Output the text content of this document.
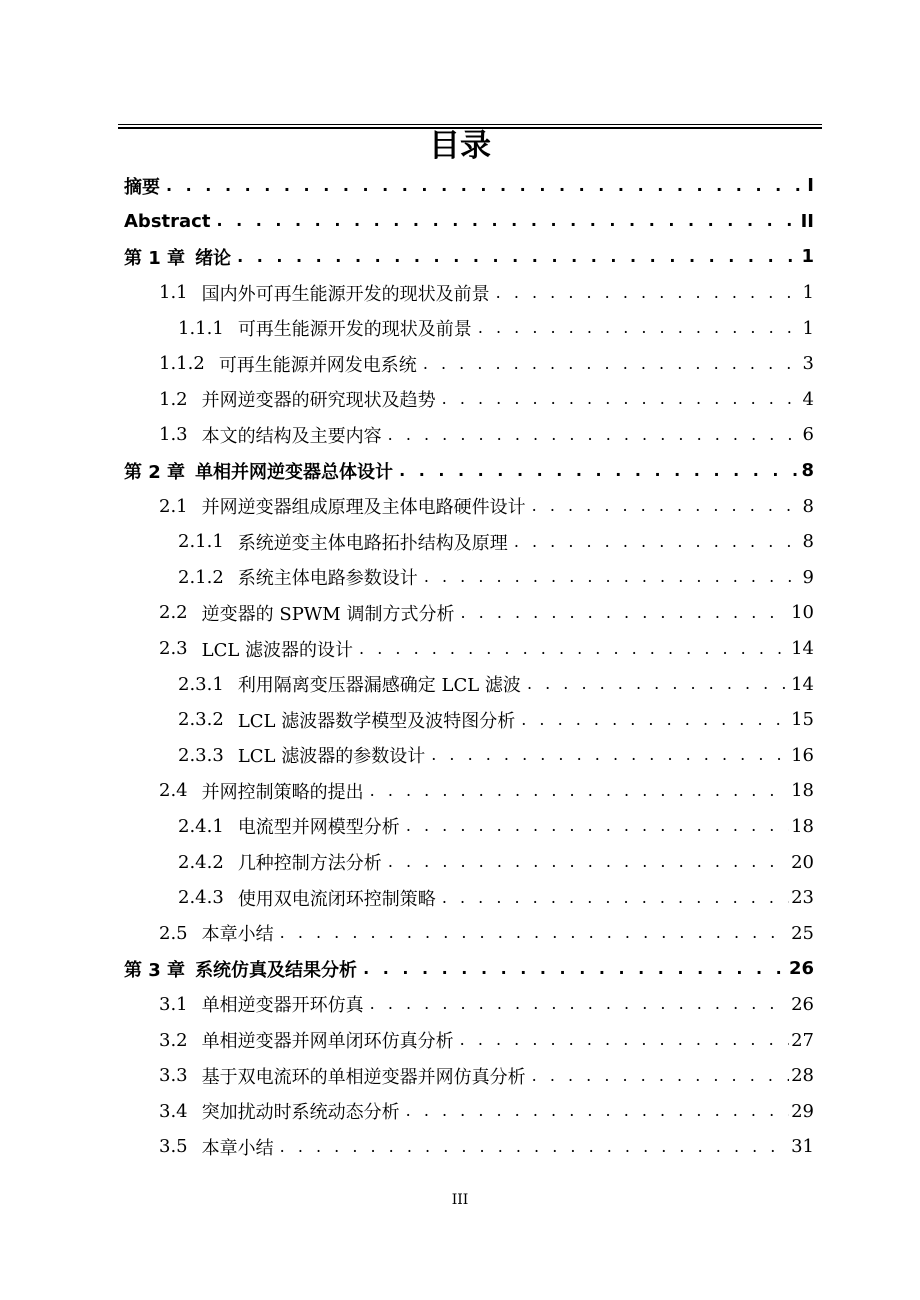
目录
摘要 . . .	I
Abstract . . .	II
第 1 章 绪论 . . .	1
1.1 国内外可再生能源开发的现状及前景 . . .	1
1.1.1 可再生能源开发的现状及前景 . . .	1
1.1.2 可再生能源并网发电系统 . . .	3
1.2 并网逆变器的研究现状及趋势 . . .	4
1.3 本文的结构及主要内容 . . .	6
第 2 章 单相并网逆变器总体设计 . . .	8
2.1 并网逆变器组成原理及主体电路硬件设计 . . .	8
2.1.1 系统逆变主体电路拓扑结构及原理 . . .	8
2.1.2 系统主体电路参数设计 . . .	9
2.2 逆变器的 SPWM 调制方式分析 . . .	10
2.3 LCL 滤波器的设计 . . .	14
2.3.1 利用隔离变压器漏感确定 LCL 滤波 . . .	14
2.3.2 LCL 滤波器数学模型及波特图分析 . . .	15
2.3.3 LCL 滤波器的参数设计 . . .	16
2.4 并网控制策略的提出 . . .	18
2.4.1 电流型并网模型分析 . . .	18
2.4.2 几种控制方法分析 . . .	20
2.4.3 使用双电流闭环控制策略 . . .	23
2.5 本章小结 . . .	25
第 3 章 系统仿真及结果分析 . . .	26
3.1 单相逆变器开环仿真 . . .	26
3.2 单相逆变器并网单闭环仿真分析 . . .	27
3.3 基于双电流环的单相逆变器并网仿真分析 . . .	28
3.4 突加扰动时系统动态分析 . . .	29
3.5 本章小结 . . .	31
III
